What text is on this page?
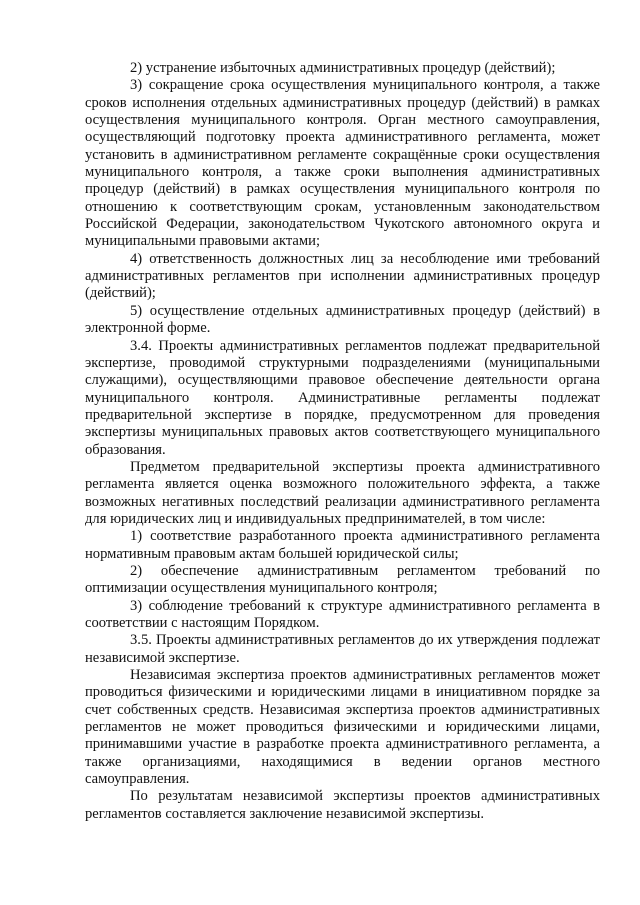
2) устранение избыточных административных процедур (действий);

3) сокращение срока осуществления муниципального контроля, а также сроков исполнения отдельных административных процедур (действий) в рамках осуществления муниципального контроля. Орган местного самоуправления, осуществляющий подготовку проекта административного регламента, может установить в административном регламенте сокращённые сроки осуществления муниципального контроля, а также сроки выполнения административных процедур (действий) в рамках осуществления муниципального контроля по отношению к соответствующим срокам, установленным законодательством Российской Федерации, законодательством Чукотского автономного округа и муниципальными правовыми актами;

4) ответственность должностных лиц за несоблюдение ими требований административных регламентов при исполнении административных процедур (действий);

5) осуществление отдельных административных процедур (действий) в электронной форме.

3.4. Проекты административных регламентов подлежат предварительной экспертизе, проводимой структурными подразделениями (муниципальными служащими), осуществляющими правовое обеспечение деятельности органа муниципального контроля. Административные регламенты подлежат предварительной экспертизе в порядке, предусмотренном для проведения экспертизы муниципальных правовых актов соответствующего муниципального образования.

Предметом предварительной экспертизы проекта административного регламента является оценка возможного положительного эффекта, а также возможных негативных последствий реализации административного регламента для юридических лиц и индивидуальных предпринимателей, в том числе:

1) соответствие разработанного проекта административного регламента нормативным правовым актам большей юридической силы;

2) обеспечение административным регламентом требований по оптимизации осуществления муниципального контроля;

3) соблюдение требований к структуре административного регламента в соответствии с настоящим Порядком.

3.5. Проекты административных регламентов до их утверждения подлежат независимой экспертизе.

Независимая экспертиза проектов административных регламентов может проводиться физическими и юридическими лицами в инициативном порядке за счет собственных средств. Независимая экспертиза проектов административных регламентов не может проводиться физическими и юридическими лицами, принимавшими участие в разработке проекта административного регламента, а также организациями, находящимися в ведении органов местного самоуправления.

По результатам независимой экспертизы проектов административных регламентов составляется заключение независимой экспертизы.
